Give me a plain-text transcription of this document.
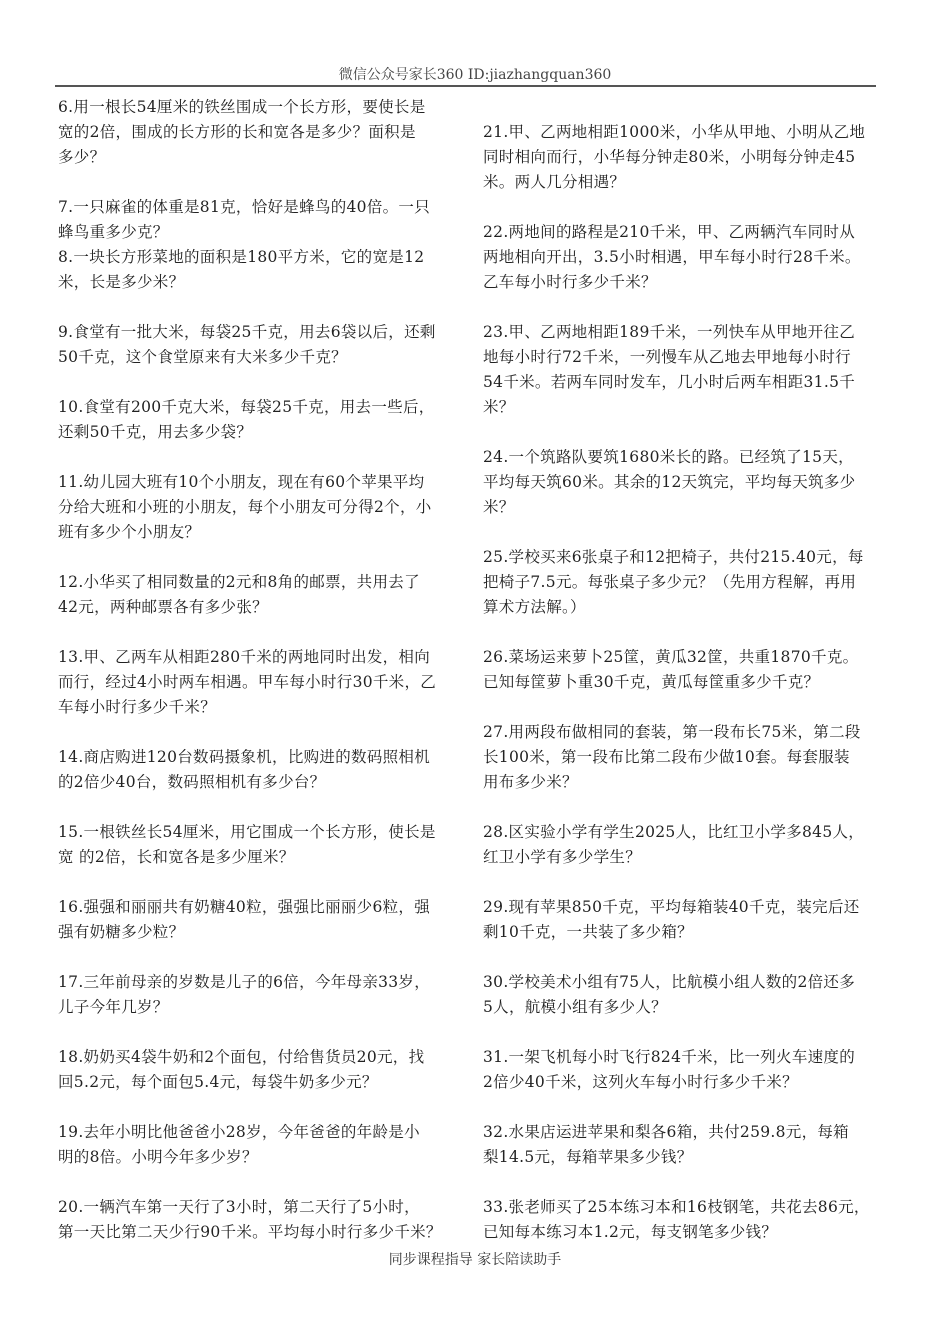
微信公众号家长360 ID:jiazhangquan360
6.用一根长54厘米的铁丝围成一个长方形，要使长是
宽的2倍，围成的长方形的长和宽各是多少？面积是
多少？
7.一只麻雀的体重是81克，恰好是蜂鸟的40倍。一只
蜂鸟重多少克？
8.一块长方形菜地的面积是180平方米，它的宽是12
米，长是多少米？
9.食堂有一批大米，每袋25千克，用去6袋以后，还剩
50千克，这个食堂原来有大米多少千克？
10.食堂有200千克大米，每袋25千克，用去一些后，
还剩50千克，用去多少袋？
11.幼儿园大班有10个小朋友，现在有60个苹果平均
分给大班和小班的小朋友，每个小朋友可分得2个，小
班有多少个小朋友？
12.小华买了相同数量的2元和8角的邮票，共用去了
42元，两种邮票各有多少张？
13.甲、乙两车从相距280千米的两地同时出发，相向
而行，经过4小时两车相遇。甲车每小时行30千米，乙
车每小时行多少千米？
14.商店购进120台数码摄象机，比购进的数码照相机
的2倍少40台，数码照相机有多少台？
15.一根铁丝长54厘米，用它围成一个长方形，使长是
宽 的2倍，长和宽各是多少厘米？
16.强强和丽丽共有奶糖40粒，强强比丽丽少6粒，强
强有奶糖多少粒？
17.三年前母亲的岁数是儿子的6倍，今年母亲33岁，
儿子今年几岁？
18.奶奶买4袋牛奶和2个面包，付给售货员20元，找
回5.2元，每个面包5.4元，每袋牛奶多少元？
19.去年小明比他爸爸小28岁，今年爸爸的年龄是小
明的8倍。小明今年多少岁？
20.一辆汽车第一天行了3小时，第二天行了5小时，
第一天比第二天少行90千米。平均每小时行多少千米？
21.甲、乙两地相距1000米，小华从甲地、小明从乙地
同时相向而行，小华每分钟走80米，小明每分钟走45
米。两人几分相遇？
22.两地间的路程是210千米，甲、乙两辆汽车同时从
两地相向开出，3.5小时相遇，甲车每小时行28千米。
乙车每小时行多少千米？
23.甲、乙两地相距189千米，一列快车从甲地开往乙
地每小时行72千米，一列慢车从乙地去甲地每小时行
54千米。若两车同时发车，几小时后两车相距31.5千
米？
24.一个筑路队要筑1680米长的路。已经筑了15天，
平均每天筑60米。其余的12天筑完，平均每天筑多少
米？
25.学校买来6张桌子和12把椅子，共付215.40元，每
把椅子7.5元。每张桌子多少元？（先用方程解，再用
算术方法解。）
26.菜场运来萝卜25筐，黄瓜32筐，共重1870千克。
已知每筐萝卜重30千克，黄瓜每筐重多少千克？
27.用两段布做相同的套装，第一段布长75米，第二段
长100米，第一段布比第二段布少做10套。每套服装
用布多少米？
28.区实验小学有学生2025人，比红卫小学多845人，
红卫小学有多少学生？
29.现有苹果850千克，平均每箱装40千克，装完后还
剩10千克，一共装了多少箱？
30.学校美术小组有75人，比航模小组人数的2倍还多
5人，航模小组有多少人？
31.一架飞机每小时飞行824千米，比一列火车速度的
2倍少40千米，这列火车每小时行多少千米？
32.水果店运进苹果和梨各6箱，共付259.8元，每箱
梨14.5元，每箱苹果多少钱？
33.张老师买了25本练习本和16枝钢笔，共花去86元，
已知每本练习本1.2元，每支钢笔多少钱？
同步课程指导 家长陪读助手
